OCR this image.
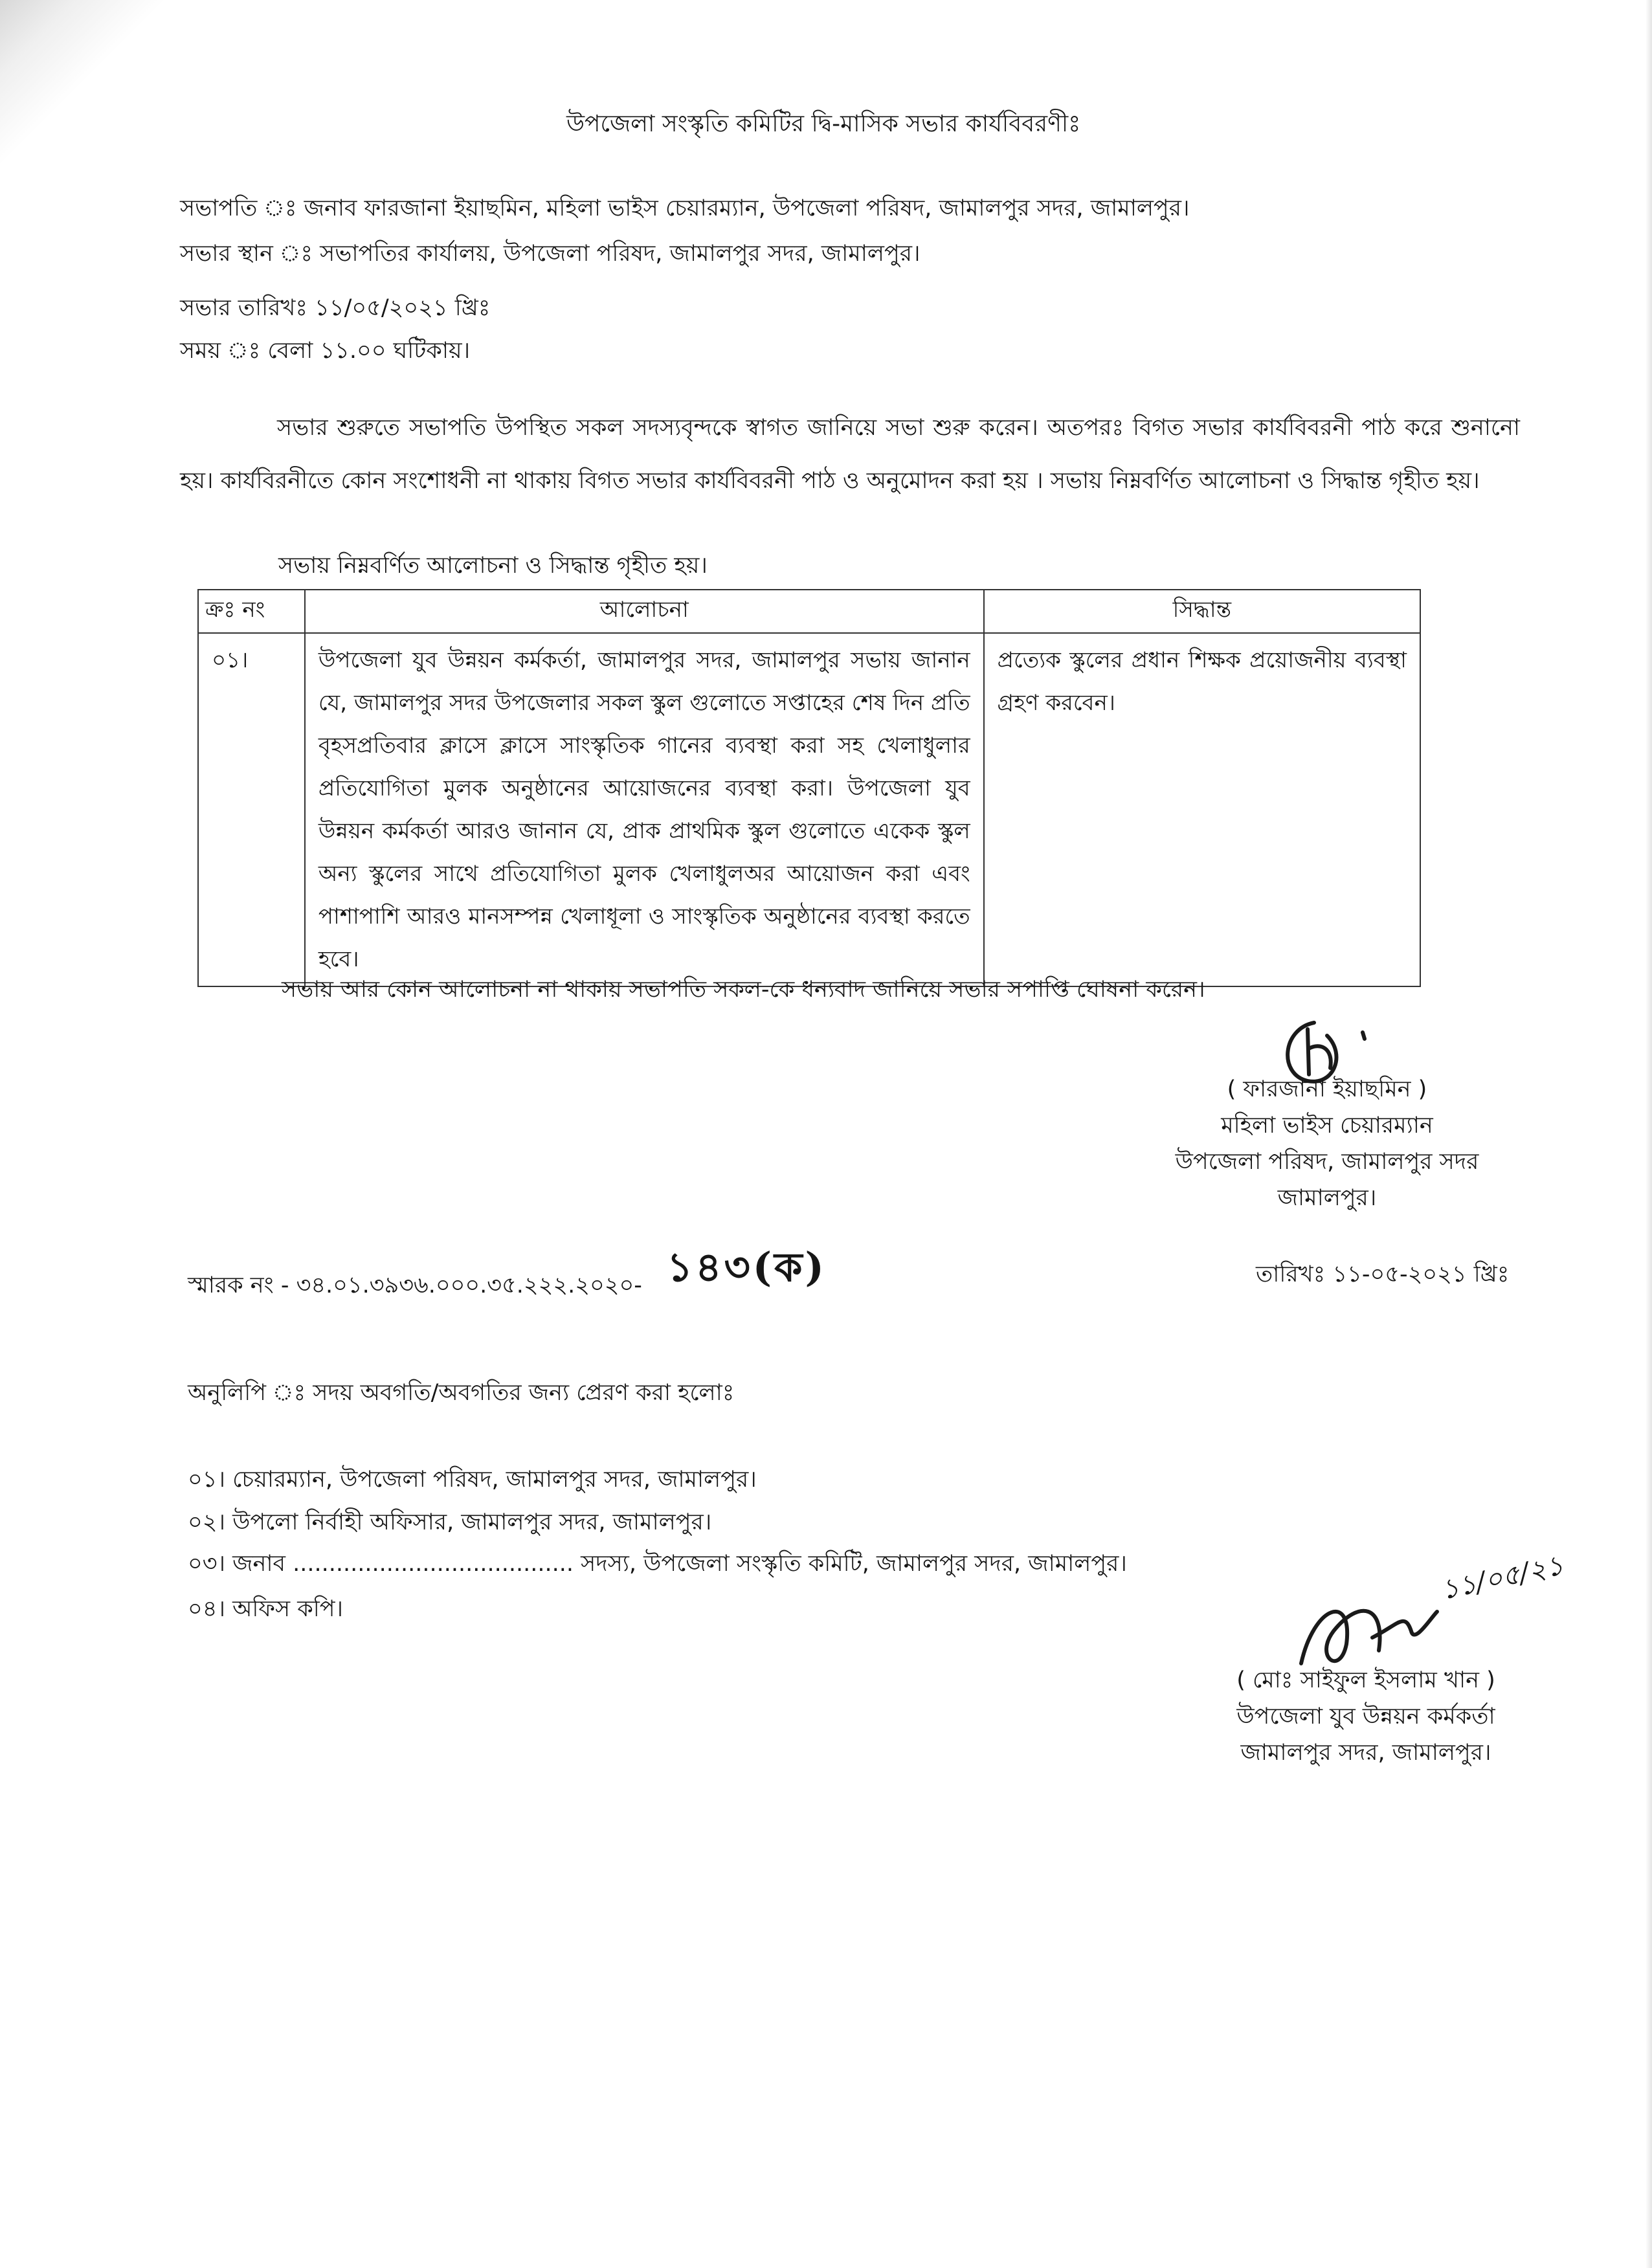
উপজেলা সংস্কৃতি কমিটির দ্বি-মাসিক সভার কার্যবিবরণীঃ
সভাপতি ঃ জনাব ফারজানা ইয়াছমিন, মহিলা ভাইস চেয়ারম্যান, উপজেলা পরিষদ, জামালপুর সদর, জামালপুর।
সভার স্থান ঃ সভাপতির কার্যালয়, উপজেলা পরিষদ, জামালপুর সদর, জামালপুর।
সভার তারিখঃ ১১/০৫/২০২১ খ্রিঃ
সময় ঃ বেলা ১১.০০ ঘটিকায়।
সভার শুরুতে সভাপতি উপস্থিত সকল সদস্যবৃন্দকে স্বাগত জানিয়ে সভা শুরু করেন। অতপরঃ বিগত সভার কার্যবিবরনী পাঠ করে শুনানো হয়। কার্যবিরনীতে কোন সংশোধনী না থাকায় বিগত সভার কার্যবিবরনী পাঠ ও অনুমোদন করা হয় । সভায় নিম্নবর্ণিত আলোচনা ও সিদ্ধান্ত গৃহীত হয়।
সভায় নিম্নবর্ণিত আলোচনা ও সিদ্ধান্ত গৃহীত হয়।
ক্রঃ নং	আলোচনা	সিদ্ধান্ত
০১।	উপজেলা যুব উন্নয়ন কর্মকর্তা, জামালপুর সদর, জামালপুর সভায় জানান যে, জামালপুর সদর উপজেলার সকল স্কুল গুলোতে সপ্তাহের শেষ দিন প্রতি বৃহসপ্রতিবার ক্লাসে ক্লাসে সাংস্কৃতিক গানের ব্যবস্থা করা সহ খেলাধুলার প্রতিযোগিতা মুলক অনুষ্ঠানের আয়োজনের ব্যবস্থা করা। উপজেলা যুব উন্নয়ন কর্মকর্তা আরও জানান যে, প্রাক প্রাথমিক স্কুল গুলোতে একেক স্কুল অন্য স্কুলের সাথে প্রতিযোগিতা মুলক খেলাধুলঅর আয়োজন করা এবং পাশাপাশি আরও মানসম্পন্ন খেলাধূলা ও সাংস্কৃতিক অনুষ্ঠানের ব্যবস্থা করতে হবে।	প্রত্যেক স্কুলের প্রধান শিক্ষক প্রয়োজনীয় ব্যবস্থা গ্রহণ করবেন।
সভায় আর কোন আলোচনা না থাকায় সভাপতি সকল-কে ধন্যবাদ জানিয়ে সভার সপাপ্তি ঘোষনা করেন।
( ফারজানা ইয়াছমিন )
মহিলা ভাইস চেয়ারম্যান
উপজেলা পরিষদ, জামালপুর সদর
জামালপুর।
স্মারক নং - ৩৪.০১.৩৯৩৬.০০০.৩৫.২২২.২০২০- ১৪৩(ক)	তারিখঃ ১১-০৫-২০২১ খ্রিঃ
অনুলিপি ঃ সদয় অবগতি/অবগতির জন্য প্রেরণ করা হলোঃ
০১। চেয়ারম্যান, উপজেলা পরিষদ, জামালপুর সদর, জামালপুর।
০২। উপলো নির্বাহী অফিসার, জামালপুর সদর, জামালপুর।
০৩। জনাব ....................................... সদস্য, উপজেলা সংস্কৃতি কমিটি, জামালপুর সদর, জামালপুর।
০৪। অফিস কপি।
১১/০৫/২১
( মোঃ সাইফুল ইসলাম খান )
উপজেলা যুব উন্নয়ন কর্মকর্তা
জামালপুর সদর, জামালপুর।
